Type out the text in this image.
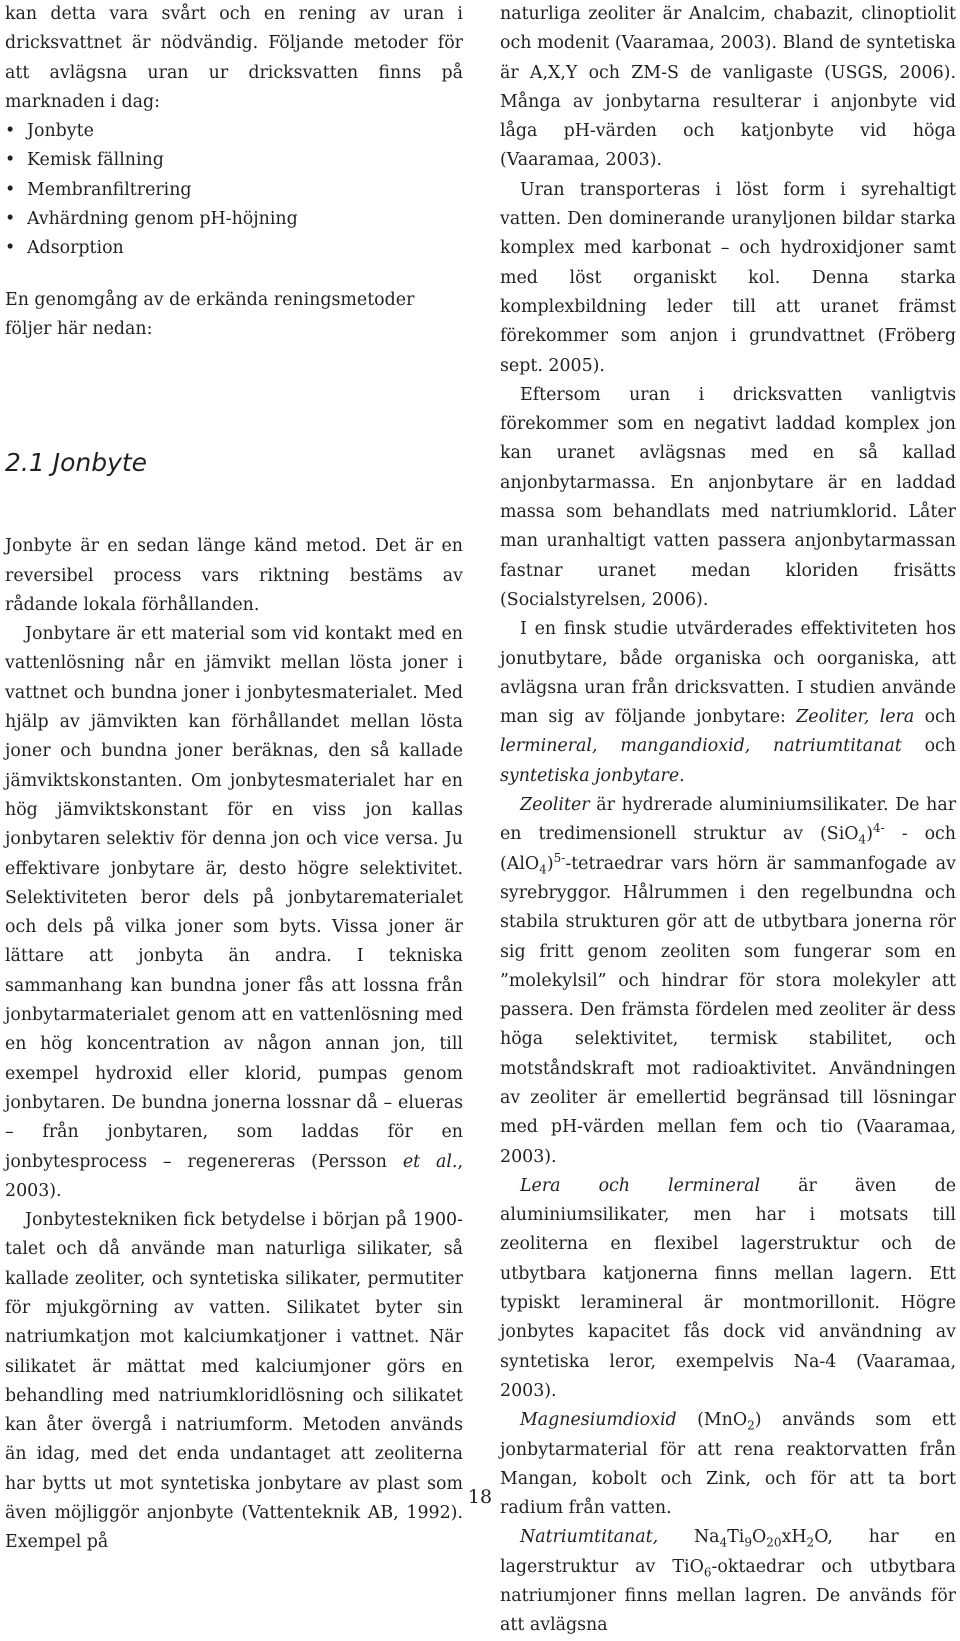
kan detta vara svårt och en rening av uran i dricksvattnet är nödvändig. Följande metoder för att avlägsna uran ur dricksvatten finns på marknaden i dag:

• Jonbyte
• Kemisk fällning
• Membranfiltrering
• Avhärdning genom pH-höjning
• Adsorption

En genomgång av de erkända reningsmetoder följer här nedan:

2.1 Jonbyte

Jonbyte är en sedan länge känd metod. Det är en reversibel process vars riktning bestäms av rådande lokala förhållanden.

Jonbytare är ett material som vid kontakt med en vattenlösning når en jämvikt mellan lösta joner i vattnet och bundna joner i jonbytesmaterialet. Med hjälp av jämvikten kan förhållandet mellan lösta joner och bundna joner beräknas, den så kallade jämviktskonstanten. Om jonbytesmaterialet har en hög jämviktskonstant för en viss jon kallas jonbytaren selektiv för denna jon och vice versa. Ju effektivare jonbytare är, desto högre selektivitet. Selektiviteten beror dels på jonbytarematerialet och dels på vilka joner som byts. Vissa joner är lättare att jonbyta än andra. I tekniska sammanhang kan bundna joner fås att lossna från jonbytarmaterialet genom att en vattenlösning med en hög koncentration av någon annan jon, till exempel hydroxid eller klorid, pumpas genom jonbytaren. De bundna jonerna lossnar då – elueras – från jonbytaren, som laddas för en jonbytesprocess – regenereras (Persson et al., 2003).

Jonbytestekniken fick betydelse i början på 1900-talet och då använde man naturliga silikater, så kallade zeoliter, och syntetiska silikater, permutiter för mjukgörning av vatten. Silikatet byter sin natriumkatjon mot kalciumkatjoner i vattnet. När silikatet är mättat med kalciumjoner görs en behandling med natriumkloridlösning och silikatet kan åter övergå i natriumform. Metoden används än idag, med det enda undantaget att zeoliterna har bytts ut mot syntetiska jonbytare av plast som även möjliggör anjonbyte (Vattenteknik AB, 1992). Exempel på

naturliga zeoliter är Analcim, chabazit, clinoptiolit och modenit (Vaaramaa, 2003). Bland de syntetiska är A,X,Y och ZM-S de vanligaste (USGS, 2006). Många av jonbytarna resulterar i anjonbyte vid låga pH-värden och katjonbyte vid höga (Vaaramaa, 2003).

Uran transporteras i löst form i syrehaltigt vatten. Den dominerande uranyljonen bildar starka komplex med karbonat – och hydroxidjoner samt med löst organiskt kol. Denna starka komplexbildning leder till att uranet främst förekommer som anjon i grundvattnet (Fröberg sept. 2005).

Eftersom uran i dricksvatten vanligtvis förekommer som en negativt laddad komplex jon kan uranet avlägsnas med en så kallad anjonbytarmassa. En anjonbytare är en laddad massa som behandlats med natriumklorid. Låter man uranhaltigt vatten passera anjonbytarmassan fastnar uranet medan kloriden frisätts (Socialstyrelsen, 2006).

I en finsk studie utvärderades effektiviteten hos jonutbytare, både organiska och oorganiska, att avlägsna uran från dricksvatten. I studien använde man sig av följande jonbytare: Zeoliter, lera och lermineral, mangandioxid, natriumtitanat och syntetiska jonbytare.

Zeoliter är hydrerade aluminiumsilikater. De har en tredimensionell struktur av $(SiO_4)^{4-}$ - och $(AlO_4)^{5-}$-tetraedrar vars hörn är sammanfogade av syrebryggor. Hålrummen i den regelbundna och stabila strukturen gör att de utbytbara jonerna rör sig fritt genom zeoliten som fungerar som en ”molekylsil” och hindrar för stora molekyler att passera. Den främsta fördelen med zeoliter är dess höga selektivitet, termisk stabilitet, och motståndskraft mot radioaktivitet. Användningen av zeoliter är emellertid begränsad till lösningar med pH-värden mellan fem och tio (Vaaramaa, 2003).

Lera och lermineral är även de aluminiumsilikater, men har i motsats till zeoliterna en flexibel lagerstruktur och de utbytbara katjonerna finns mellan lagern. Ett typiskt leramineral är montmorillonit. Högre jonbytes kapacitet fås dock vid användning av syntetiska leror, exempelvis Na-4 (Vaaramaa, 2003).

Magnesiumdioxid (MnO$_2$) används som ett jonbytarmaterial för att rena reaktorvatten från Mangan, kobolt och Zink, och för att ta bort radium från vatten.

Natriumtitanat, $Na_4Ti_9O_{20}xH_2O$, har en lagerstruktur av TiO$_6$-oktaedrar och utbytbara natriumjoner finns mellan lagren. De används för att avlägsna

18
